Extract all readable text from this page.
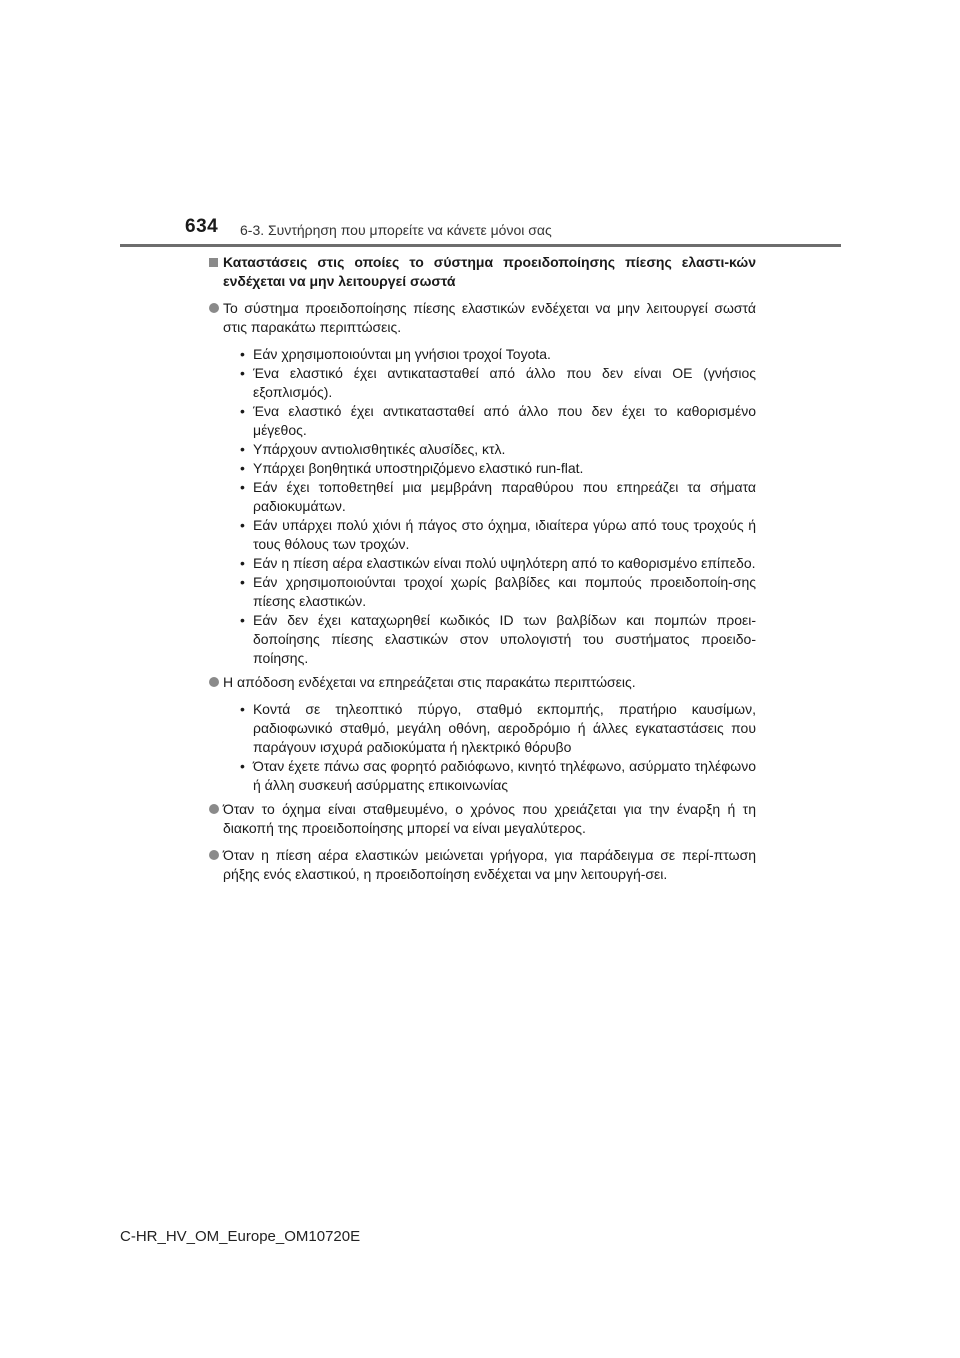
634 6-3. Συντήρηση που μπορείτε να κάνετε μόνοι σας
Καταστάσεις στις οποίες το σύστημα προειδοποίησης πίεσης ελαστι-κών ενδέχεται να μην λειτουργεί σωστά
Το σύστημα προειδοποίησης πίεσης ελαστικών ενδέχεται να μην λειτουργεί σωστά στις παρακάτω περιπτώσεις.
• Εάν χρησιμοποιούνται μη γνήσιοι τροχοί Toyota.
• Ένα ελαστικό έχει αντικατασταθεί από άλλο που δεν είναι OE (γνήσιος εξοπλισμός).
• Ένα ελαστικό έχει αντικατασταθεί από άλλο που δεν έχει το καθορισμένο μέγεθος.
• Υπάρχουν αντιολισθητικές αλυσίδες, κτλ.
• Υπάρχει βοηθητικά υποστηριζόμενο ελαστικό run-flat.
• Εάν έχει τοποθετηθεί μια μεμβράνη παραθύρου που επηρεάζει τα σήματα ραδιοκυμάτων.
• Εάν υπάρχει πολύ χιόνι ή πάγος στο όχημα, ιδιαίτερα γύρω από τους τροχούς ή τους θόλους των τροχών.
• Εάν η πίεση αέρα ελαστικών είναι πολύ υψηλότερη από το καθορισμένο επίπεδο.
• Εάν χρησιμοποιούνται τροχοί χωρίς βαλβίδες και πομπούς προειδοποίη-σης πίεσης ελαστικών.
• Εάν δεν έχει καταχωρηθεί κωδικός ID των βαλβίδων και πομπών προει-δοποίησης πίεσης ελαστικών στον υπολογιστή του συστήματος προειδο-ποίησης.
Η απόδοση ενδέχεται να επηρεάζεται στις παρακάτω περιπτώσεις.
• Κοντά σε τηλεοπτικό πύργο, σταθμό εκπομπής, πρατήριο καυσίμων, ραδιοφωνικό σταθμό, μεγάλη οθόνη, αεροδρόμιο ή άλλες εγκαταστάσεις που παράγουν ισχυρά ραδιοκύματα ή ηλεκτρικό θόρυβο
• Όταν έχετε πάνω σας φορητό ραδιόφωνο, κινητό τηλέφωνο, ασύρματο τηλέφωνο ή άλλη συσκευή ασύρματης επικοινωνίας
Όταν το όχημα είναι σταθμευμένο, ο χρόνος που χρειάζεται για την έναρξη ή τη διακοπή της προειδοποίησης μπορεί να είναι μεγαλύτερος.
Όταν η πίεση αέρα ελαστικών μειώνεται γρήγορα, για παράδειγμα σε περί-πτωση ρήξης ενός ελαστικού, η προειδοποίηση ενδέχεται να μην λειτουργή-σει.
C-HR_HV_OM_Europe_OM10720E
